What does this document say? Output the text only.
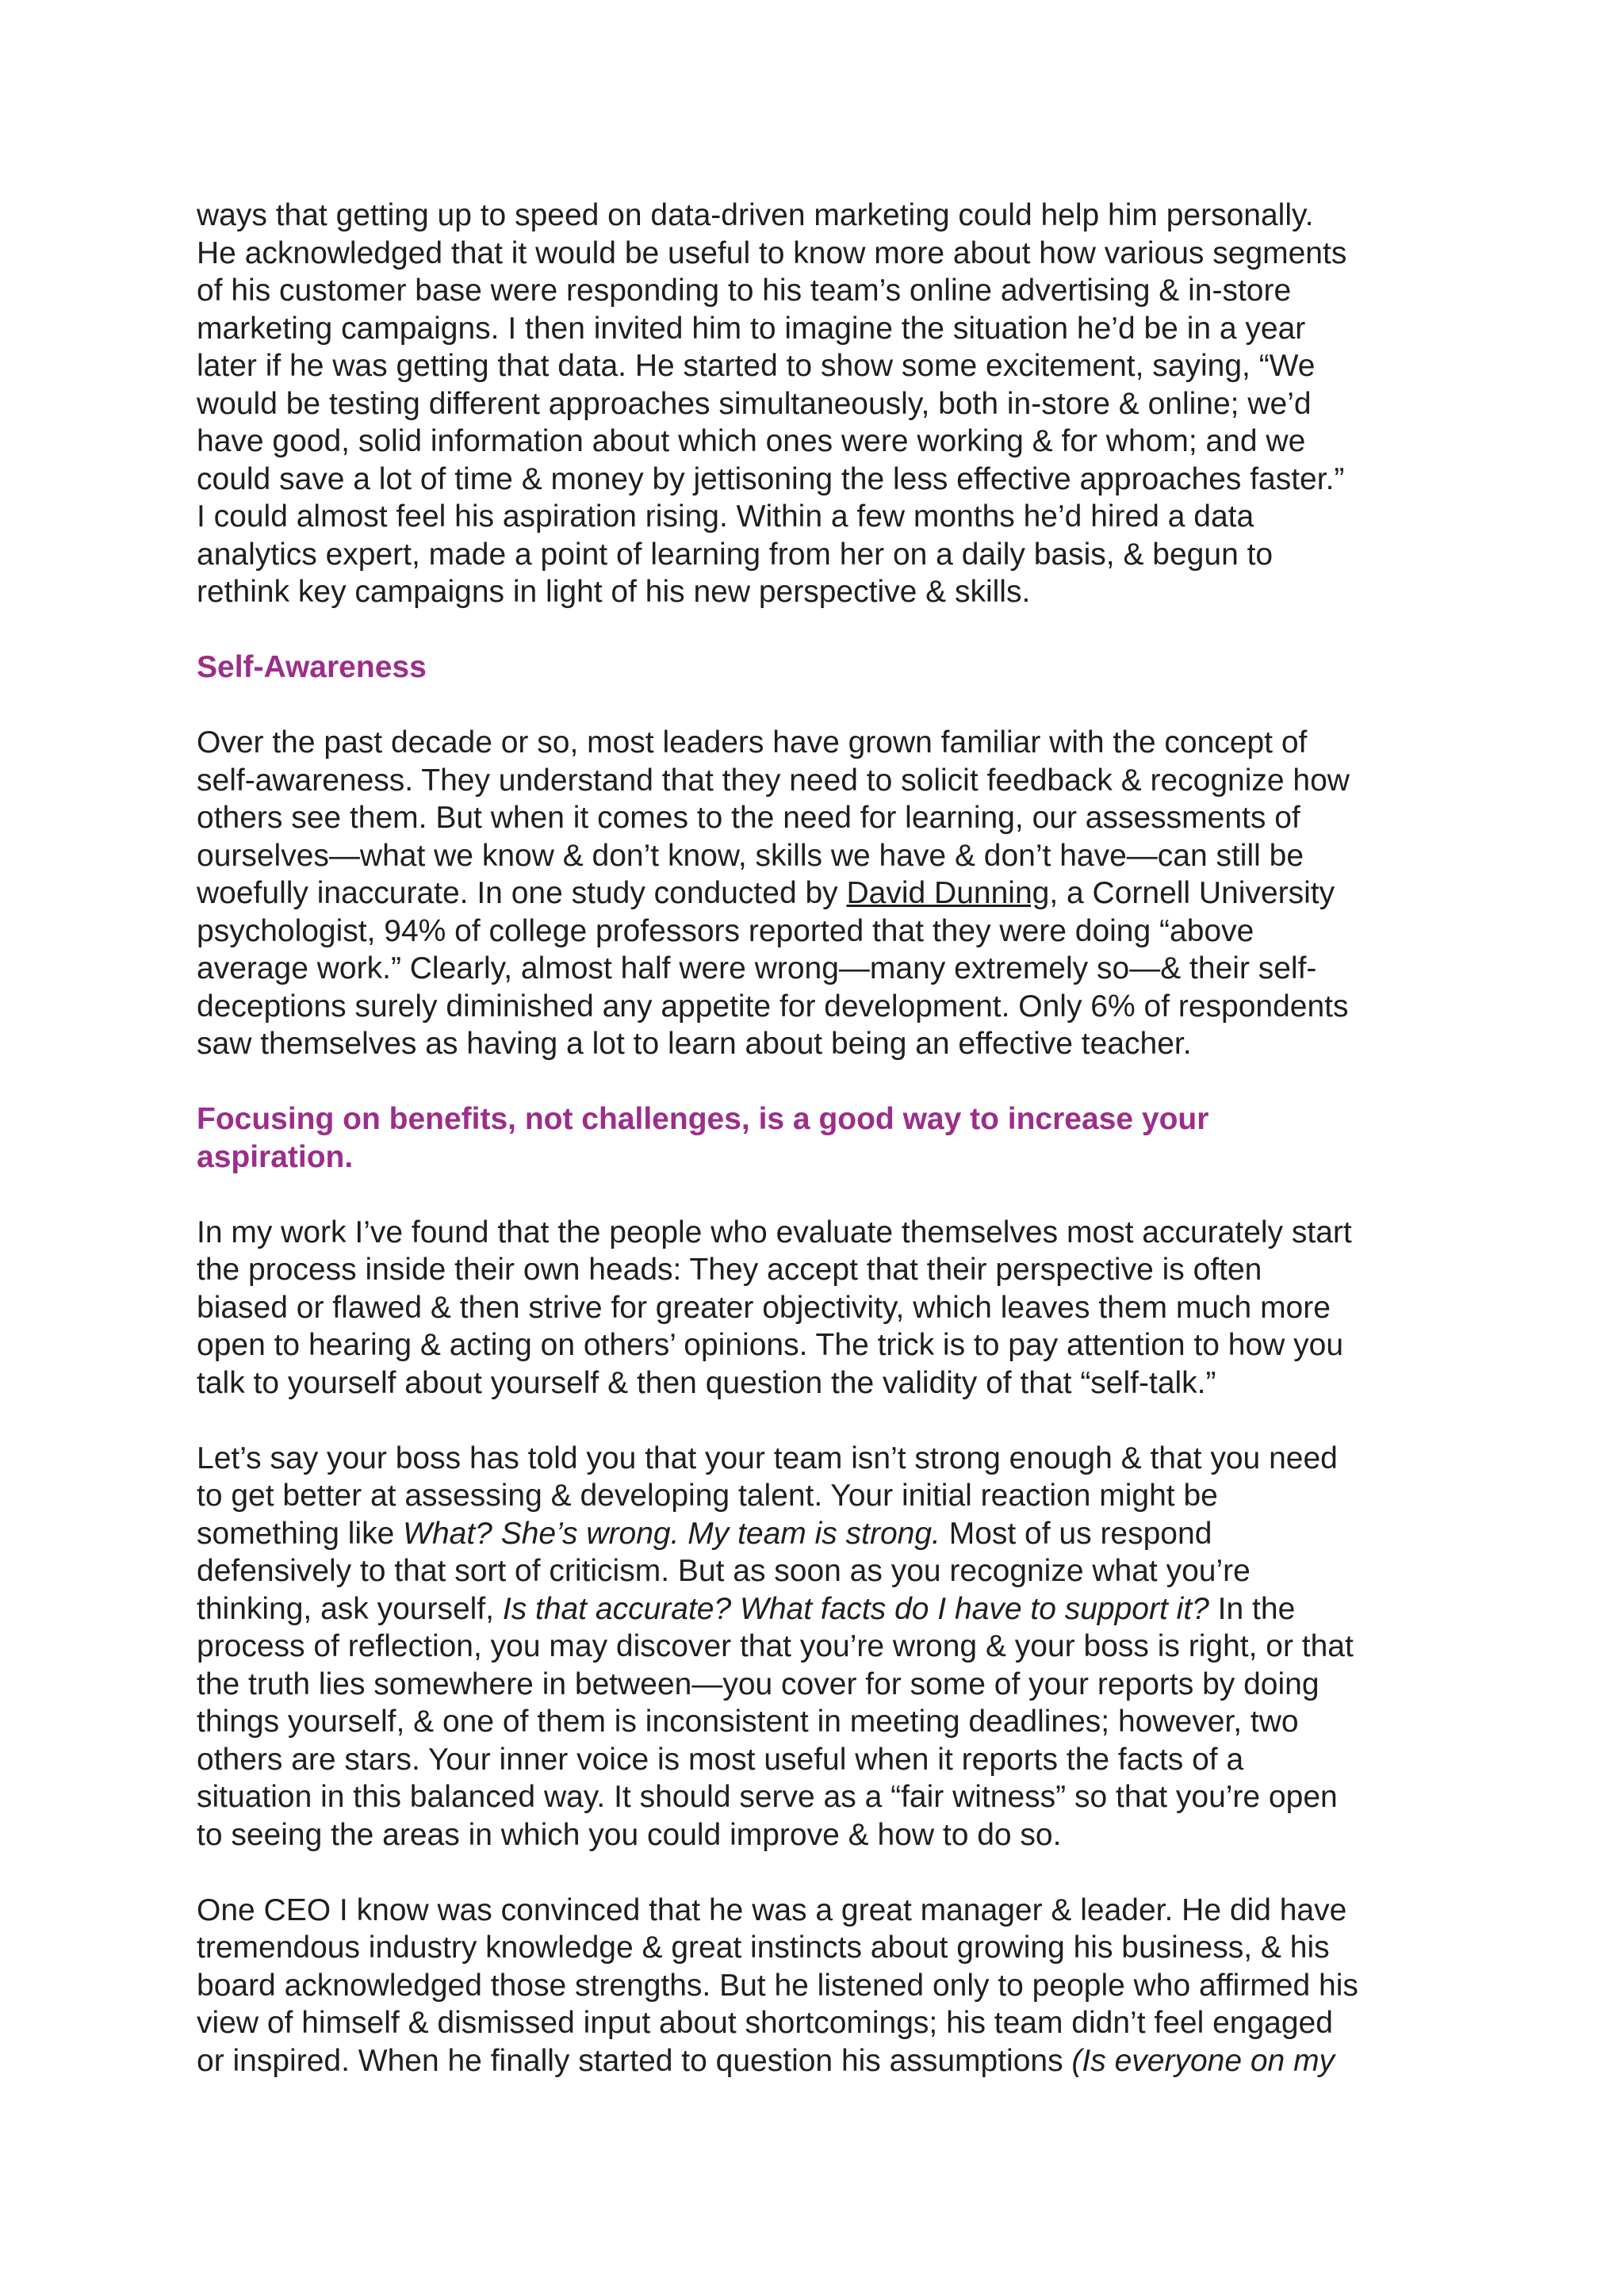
ways that getting up to speed on data-driven marketing could help him personally.
He acknowledged that it would be useful to know more about how various segments
of his customer base were responding to his team’s online advertising & in-store
marketing campaigns. I then invited him to imagine the situation he’d be in a year
later if he was getting that data. He started to show some excitement, saying, “We
would be testing different approaches simultaneously, both in-store & online; we’d
have good, solid information about which ones were working & for whom; and we
could save a lot of time & money by jettisoning the less effective approaches faster.”
I could almost feel his aspiration rising. Within a few months he’d hired a data
analytics expert, made a point of learning from her on a daily basis, & begun to
rethink key campaigns in light of his new perspective & skills.
Self-Awareness
Over the past decade or so, most leaders have grown familiar with the concept of
self-awareness. They understand that they need to solicit feedback & recognize how
others see them. But when it comes to the need for learning, our assessments of
ourselves—what we know & don’t know, skills we have & don’t have—can still be
woefully inaccurate. In one study conducted by David Dunning, a Cornell University
psychologist, 94% of college professors reported that they were doing “above
average work.” Clearly, almost half were wrong—many extremely so—& their self-
deceptions surely diminished any appetite for development. Only 6% of respondents
saw themselves as having a lot to learn about being an effective teacher.
Focusing on benefits, not challenges, is a good way to increase your
aspiration.
In my work I’ve found that the people who evaluate themselves most accurately start
the process inside their own heads: They accept that their perspective is often
biased or flawed & then strive for greater objectivity, which leaves them much more
open to hearing & acting on others’ opinions. The trick is to pay attention to how you
talk to yourself about yourself & then question the validity of that “self-talk.”
Let’s say your boss has told you that your team isn’t strong enough & that you need
to get better at assessing & developing talent. Your initial reaction might be
something like What? She’s wrong. My team is strong. Most of us respond
defensively to that sort of criticism. But as soon as you recognize what you’re
thinking, ask yourself, Is that accurate? What facts do I have to support it? In the
process of reflection, you may discover that you’re wrong & your boss is right, or that
the truth lies somewhere in between—you cover for some of your reports by doing
things yourself, & one of them is inconsistent in meeting deadlines; however, two
others are stars. Your inner voice is most useful when it reports the facts of a
situation in this balanced way. It should serve as a “fair witness” so that you’re open
to seeing the areas in which you could improve & how to do so.
One CEO I know was convinced that he was a great manager & leader. He did have
tremendous industry knowledge & great instincts about growing his business, & his
board acknowledged those strengths. But he listened only to people who affirmed his
view of himself & dismissed input about shortcomings; his team didn’t feel engaged
or inspired. When he finally started to question his assumptions (Is everyone on my
